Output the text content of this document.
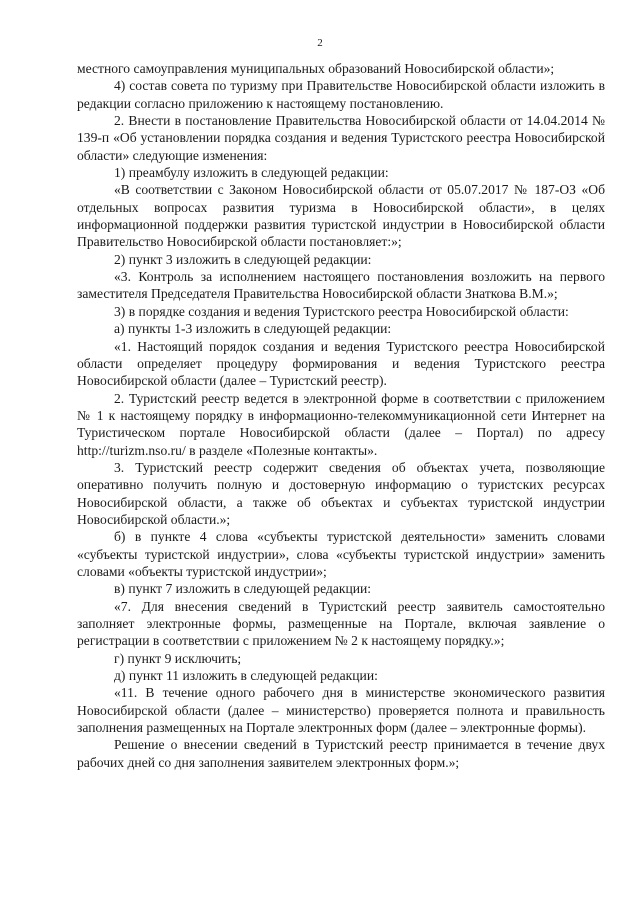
2

местного самоуправления муниципальных образований Новосибирской области»;

4) состав совета по туризму при Правительстве Новосибирской области изложить в редакции согласно приложению к настоящему постановлению.

2. Внести в постановление Правительства Новосибирской области от 14.04.2014 № 139-п «Об установлении порядка создания и ведения Туристского реестра Новосибирской области» следующие изменения:

1) преамбулу изложить в следующей редакции:

«В соответствии с Законом Новосибирской области от 05.07.2017 № 187-ОЗ «Об отдельных вопросах развития туризма в Новосибирской области», в целях информационной поддержки развития туристской индустрии в Новосибирской области Правительство Новосибирской области постановляет:»;

2) пункт 3 изложить в следующей редакции:

«3. Контроль за исполнением настоящего постановления возложить на первого заместителя Председателя Правительства Новосибирской области Знаткова В.М.»;

3) в порядке создания и ведения Туристского реестра Новосибирской области:

а) пункты 1-3 изложить в следующей редакции:

«1. Настоящий порядок создания и ведения Туристского реестра Новосибирской области определяет процедуру формирования и ведения Туристского реестра Новосибирской области (далее – Туристский реестр).

2. Туристский реестр ведется в электронной форме в соответствии с приложением № 1 к настоящему порядку в информационно-телекоммуникационной сети Интернет на Туристическом портале Новосибирской области (далее – Портал) по адресу http://turizm.nso.ru/ в разделе «Полезные контакты».

3. Туристский реестр содержит сведения об объектах учета, позволяющие оперативно получить полную и достоверную информацию о туристских ресурсах Новосибирской области, а также об объектах и субъектах туристской индустрии Новосибирской области.»;

б) в пункте 4 слова «субъекты туристской деятельности» заменить словами «субъекты туристской индустрии», слова «субъекты туристской индустрии» заменить словами «объекты туристской индустрии»;

в) пункт 7 изложить в следующей редакции:

«7. Для внесения сведений в Туристский реестр заявитель самостоятельно заполняет электронные формы, размещенные на Портале, включая заявление о регистрации в соответствии с приложением № 2 к настоящему порядку.»;

г) пункт 9 исключить;

д) пункт 11 изложить в следующей редакции:

«11. В течение одного рабочего дня в министерстве экономического развития Новосибирской области (далее – министерство) проверяется полнота и правильность заполнения размещенных на Портале электронных форм (далее – электронные формы).

Решение о внесении сведений в Туристский реестр принимается в течение двух рабочих дней со дня заполнения заявителем электронных форм.»;
